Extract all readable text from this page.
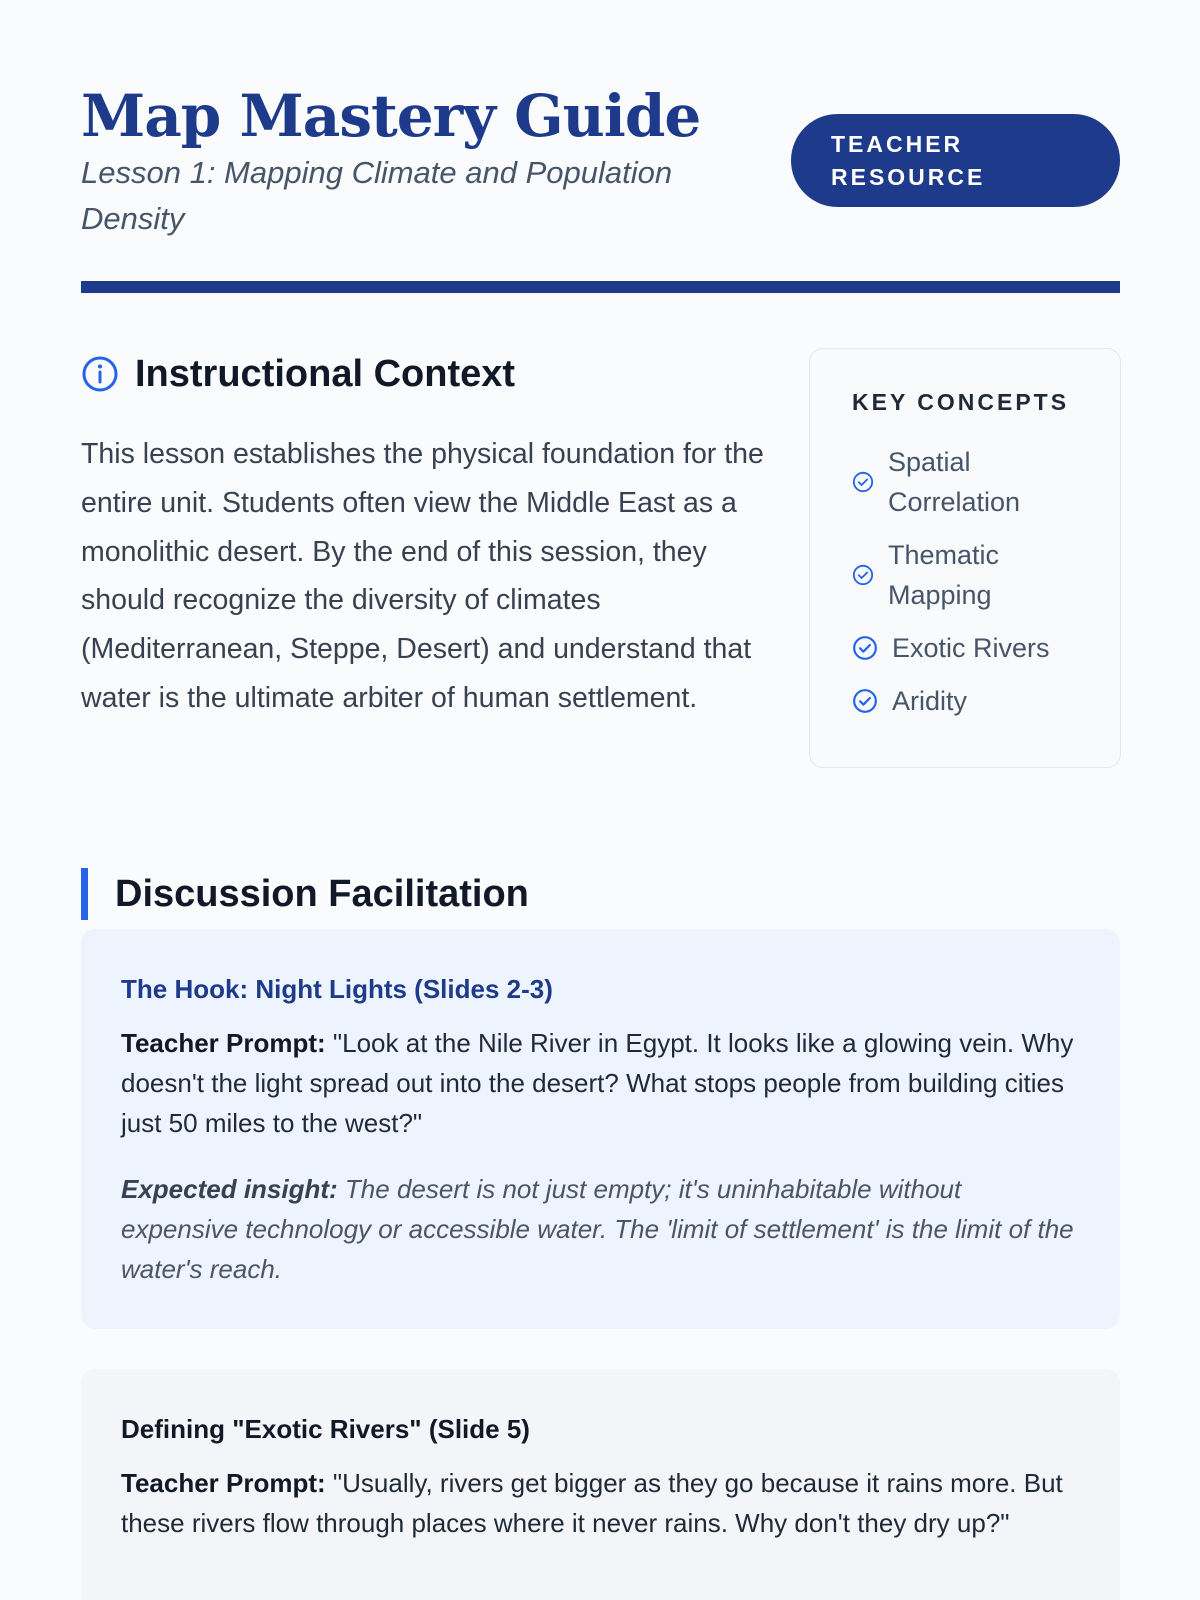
Map Mastery Guide

Lesson 1: Mapping Climate and Population Density

TEACHER RESOURCE
Instructional Context

This lesson establishes the physical foundation for the entire unit. Students often view the Middle East as a monolithic desert. By the end of this session, they should recognize the diversity of climates (Mediterranean, Steppe, Desert) and understand that water is the ultimate arbiter of human settlement.

KEY CONCEPTS
Spatial Correlation
Thematic Mapping
Exotic Rivers
Aridity
Discussion Facilitation
The Hook: Night Lights (Slides 2-3)

Teacher Prompt: "Look at the Nile River in Egypt. It looks like a glowing vein. Why doesn't the light spread out into the desert? What stops people from building cities just 50 miles to the west?"

Expected insight: The desert is not just empty; it's uninhabitable without expensive technology or accessible water. The 'limit of settlement' is the limit of the water's reach.

Defining "Exotic Rivers" (Slide 5)

Teacher Prompt: "Usually, rivers get bigger as they go because it rains more. But these rivers flow through places where it never rains. Why don't they dry up?"
